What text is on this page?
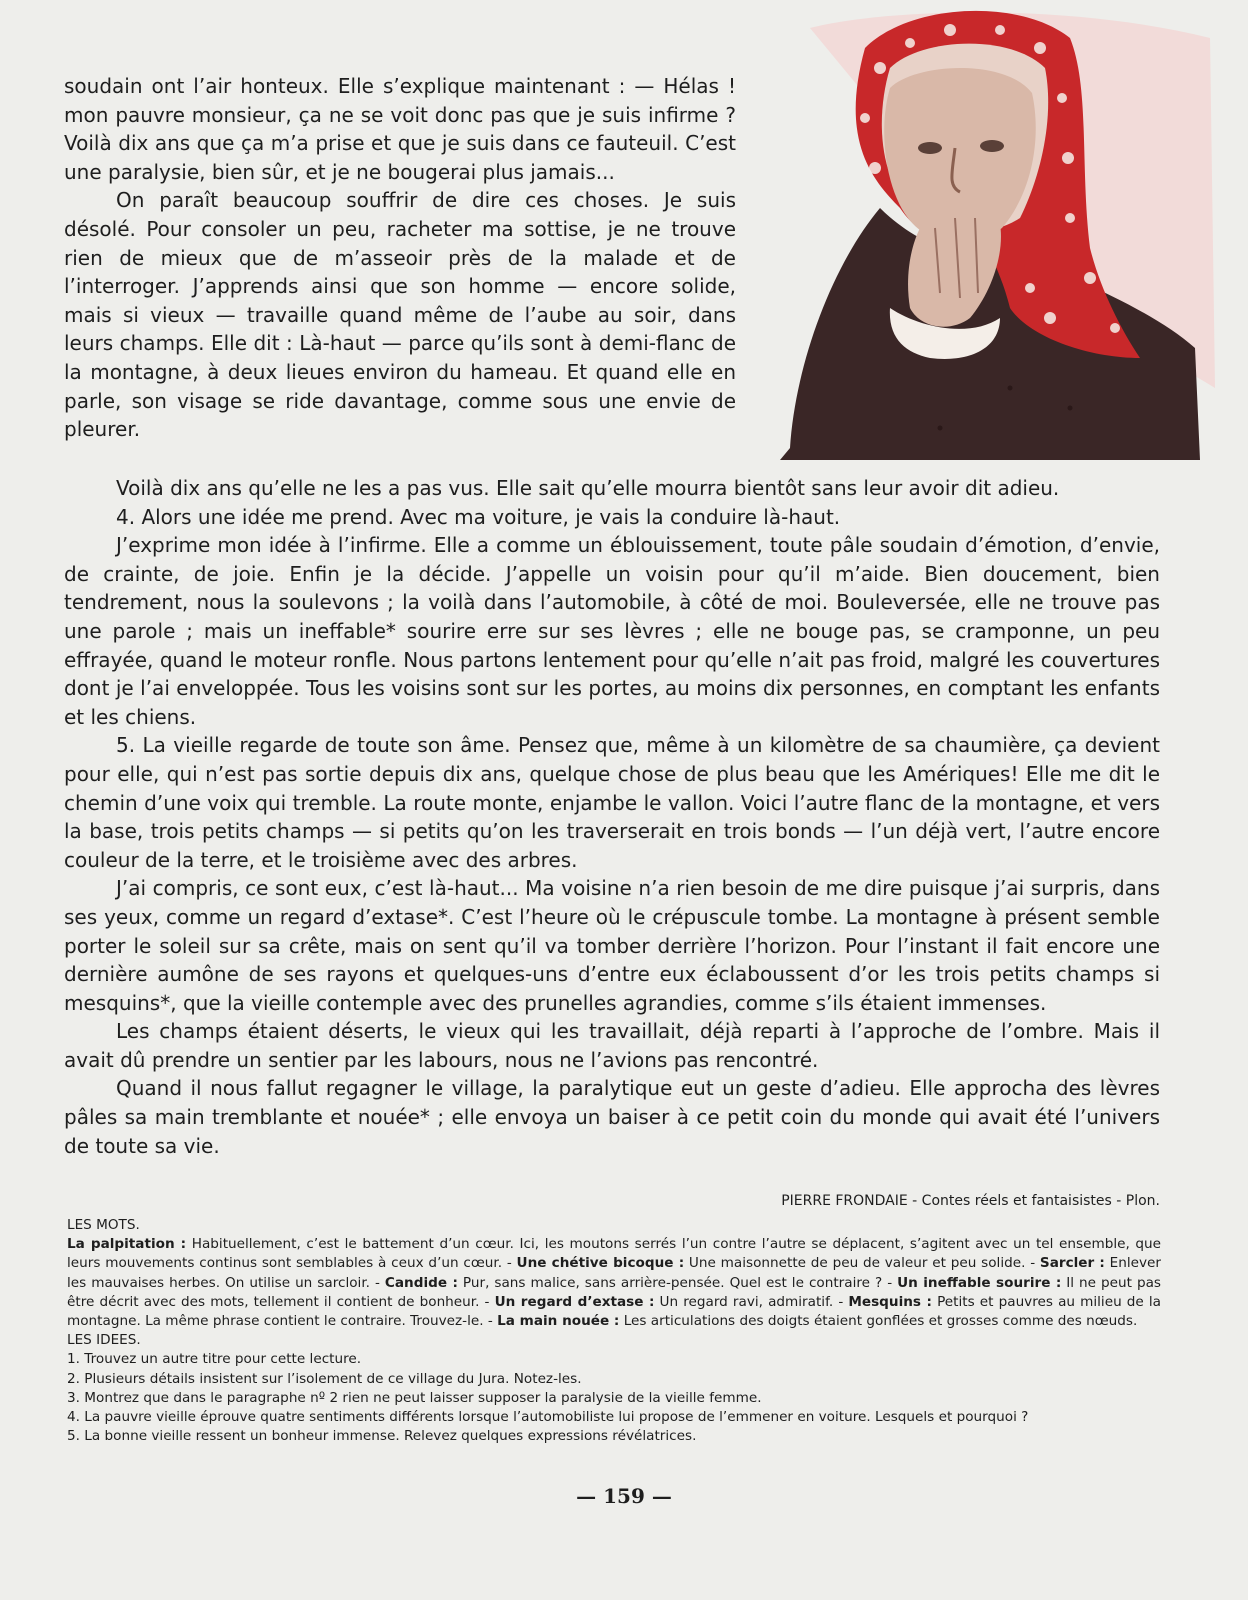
soudain ont l’air honteux. Elle s’explique maintenant : — Hélas ! mon pauvre monsieur, ça ne se voit donc pas que je suis infirme ? Voilà dix ans que ça m’a prise et que je suis dans ce fauteuil. C’est une paralysie, bien sûr, et je ne bougerai plus jamais...

On paraît beaucoup souffrir de dire ces choses. Je suis désolé. Pour consoler un peu, racheter ma sottise, je ne trouve rien de mieux que de m’asseoir près de la malade et de l’interroger. J’apprends ainsi que son homme — encore solide, mais si vieux — travaille quand même de l’aube au soir, dans leurs champs. Elle dit : Là-haut — parce qu’ils sont à demi-flanc de la montagne, à deux lieues environ du hameau. Et quand elle en parle, son visage se ride davantage, comme sous une envie de pleurer.

Voilà dix ans qu’elle ne les a pas vus. Elle sait qu’elle mourra bientôt sans leur avoir dit adieu.

4. Alors une idée me prend. Avec ma voiture, je vais la conduire là-haut.

J’exprime mon idée à l’infirme. Elle a comme un éblouissement, toute pâle soudain d’émotion, d’envie, de crainte, de joie. Enfin je la décide. J’appelle un voisin pour qu’il m’aide. Bien doucement, bien tendrement, nous la soulevons ; la voilà dans l’automobile, à côté de moi. Bouleversée, elle ne trouve pas une parole ; mais un ineffable* sourire erre sur ses lèvres ; elle ne bouge pas, se cramponne, un peu effrayée, quand le moteur ronfle. Nous partons lentement pour qu’elle n’ait pas froid, malgré les couvertures dont je l’ai enveloppée. Tous les voisins sont sur les portes, au moins dix personnes, en comptant les enfants et les chiens.

5. La vieille regarde de toute son âme. Pensez que, même à un kilomètre de sa chaumière, ça devient pour elle, qui n’est pas sortie depuis dix ans, quelque chose de plus beau que les Amériques! Elle me dit le chemin d’une voix qui tremble. La route monte, enjambe le vallon. Voici l’autre flanc de la montagne, et vers la base, trois petits champs — si petits qu’on les traverserait en trois bonds — l’un déjà vert, l’autre encore couleur de la terre, et le troisième avec des arbres.

J’ai compris, ce sont eux, c’est là-haut... Ma voisine n’a rien besoin de me dire puisque j’ai surpris, dans ses yeux, comme un regard d’extase*. C’est l’heure où le crépuscule tombe. La montagne à présent semble porter le soleil sur sa crête, mais on sent qu’il va tomber derrière l’horizon. Pour l’instant il fait encore une dernière aumône de ses rayons et quelques-uns d’entre eux éclaboussent d’or les trois petits champs si mesquins*, que la vieille contemple avec des prunelles agrandies, comme s’ils étaient immenses.

Les champs étaient déserts, le vieux qui les travaillait, déjà reparti à l’approche de l’ombre. Mais il avait dû prendre un sentier par les labours, nous ne l’avions pas rencontré.

Quand il nous fallut regagner le village, la paralytique eut un geste d’adieu. Elle approcha des lèvres pâles sa main tremblante et nouée* ; elle envoya un baiser à ce petit coin du monde qui avait été l’univers de toute sa vie.

PIERRE FRONDAIE - Contes réels et fantaisistes - Plon.

LES MOTS.

La palpitation : Habituellement, c’est le battement d’un cœur. Ici, les moutons serrés l’un contre l’autre se déplacent, s’agitent avec un tel ensemble, que leurs mouvements continus sont semblables à ceux d’un cœur. - Une chétive bicoque : Une maisonnette de peu de valeur et peu solide. - Sarcler : Enlever les mauvaises herbes. On utilise un sarcloir. - Candide : Pur, sans malice, sans arrière-pensée. Quel est le contraire ? - Un ineffable sourire : Il ne peut pas être décrit avec des mots, tellement il contient de bonheur. - Un regard d’extase : Un regard ravi, admiratif. - Mesquins : Petits et pauvres au milieu de la montagne. La même phrase contient le contraire. Trouvez-le. - La main nouée : Les articulations des doigts étaient gonflées et grosses comme des nœuds.

LES IDEES.

1. Trouvez un autre titre pour cette lecture.
2. Plusieurs détails insistent sur l’isolement de ce village du Jura. Notez-les.
3. Montrez que dans le paragraphe nº 2 rien ne peut laisser supposer la paralysie de la vieille femme.
4. La pauvre vieille éprouve quatre sentiments différents lorsque l’automobiliste lui propose de l’emmener en voiture. Lesquels et pourquoi ?
5. La bonne vieille ressent un bonheur immense. Relevez quelques expressions révélatrices.
— 159 —
